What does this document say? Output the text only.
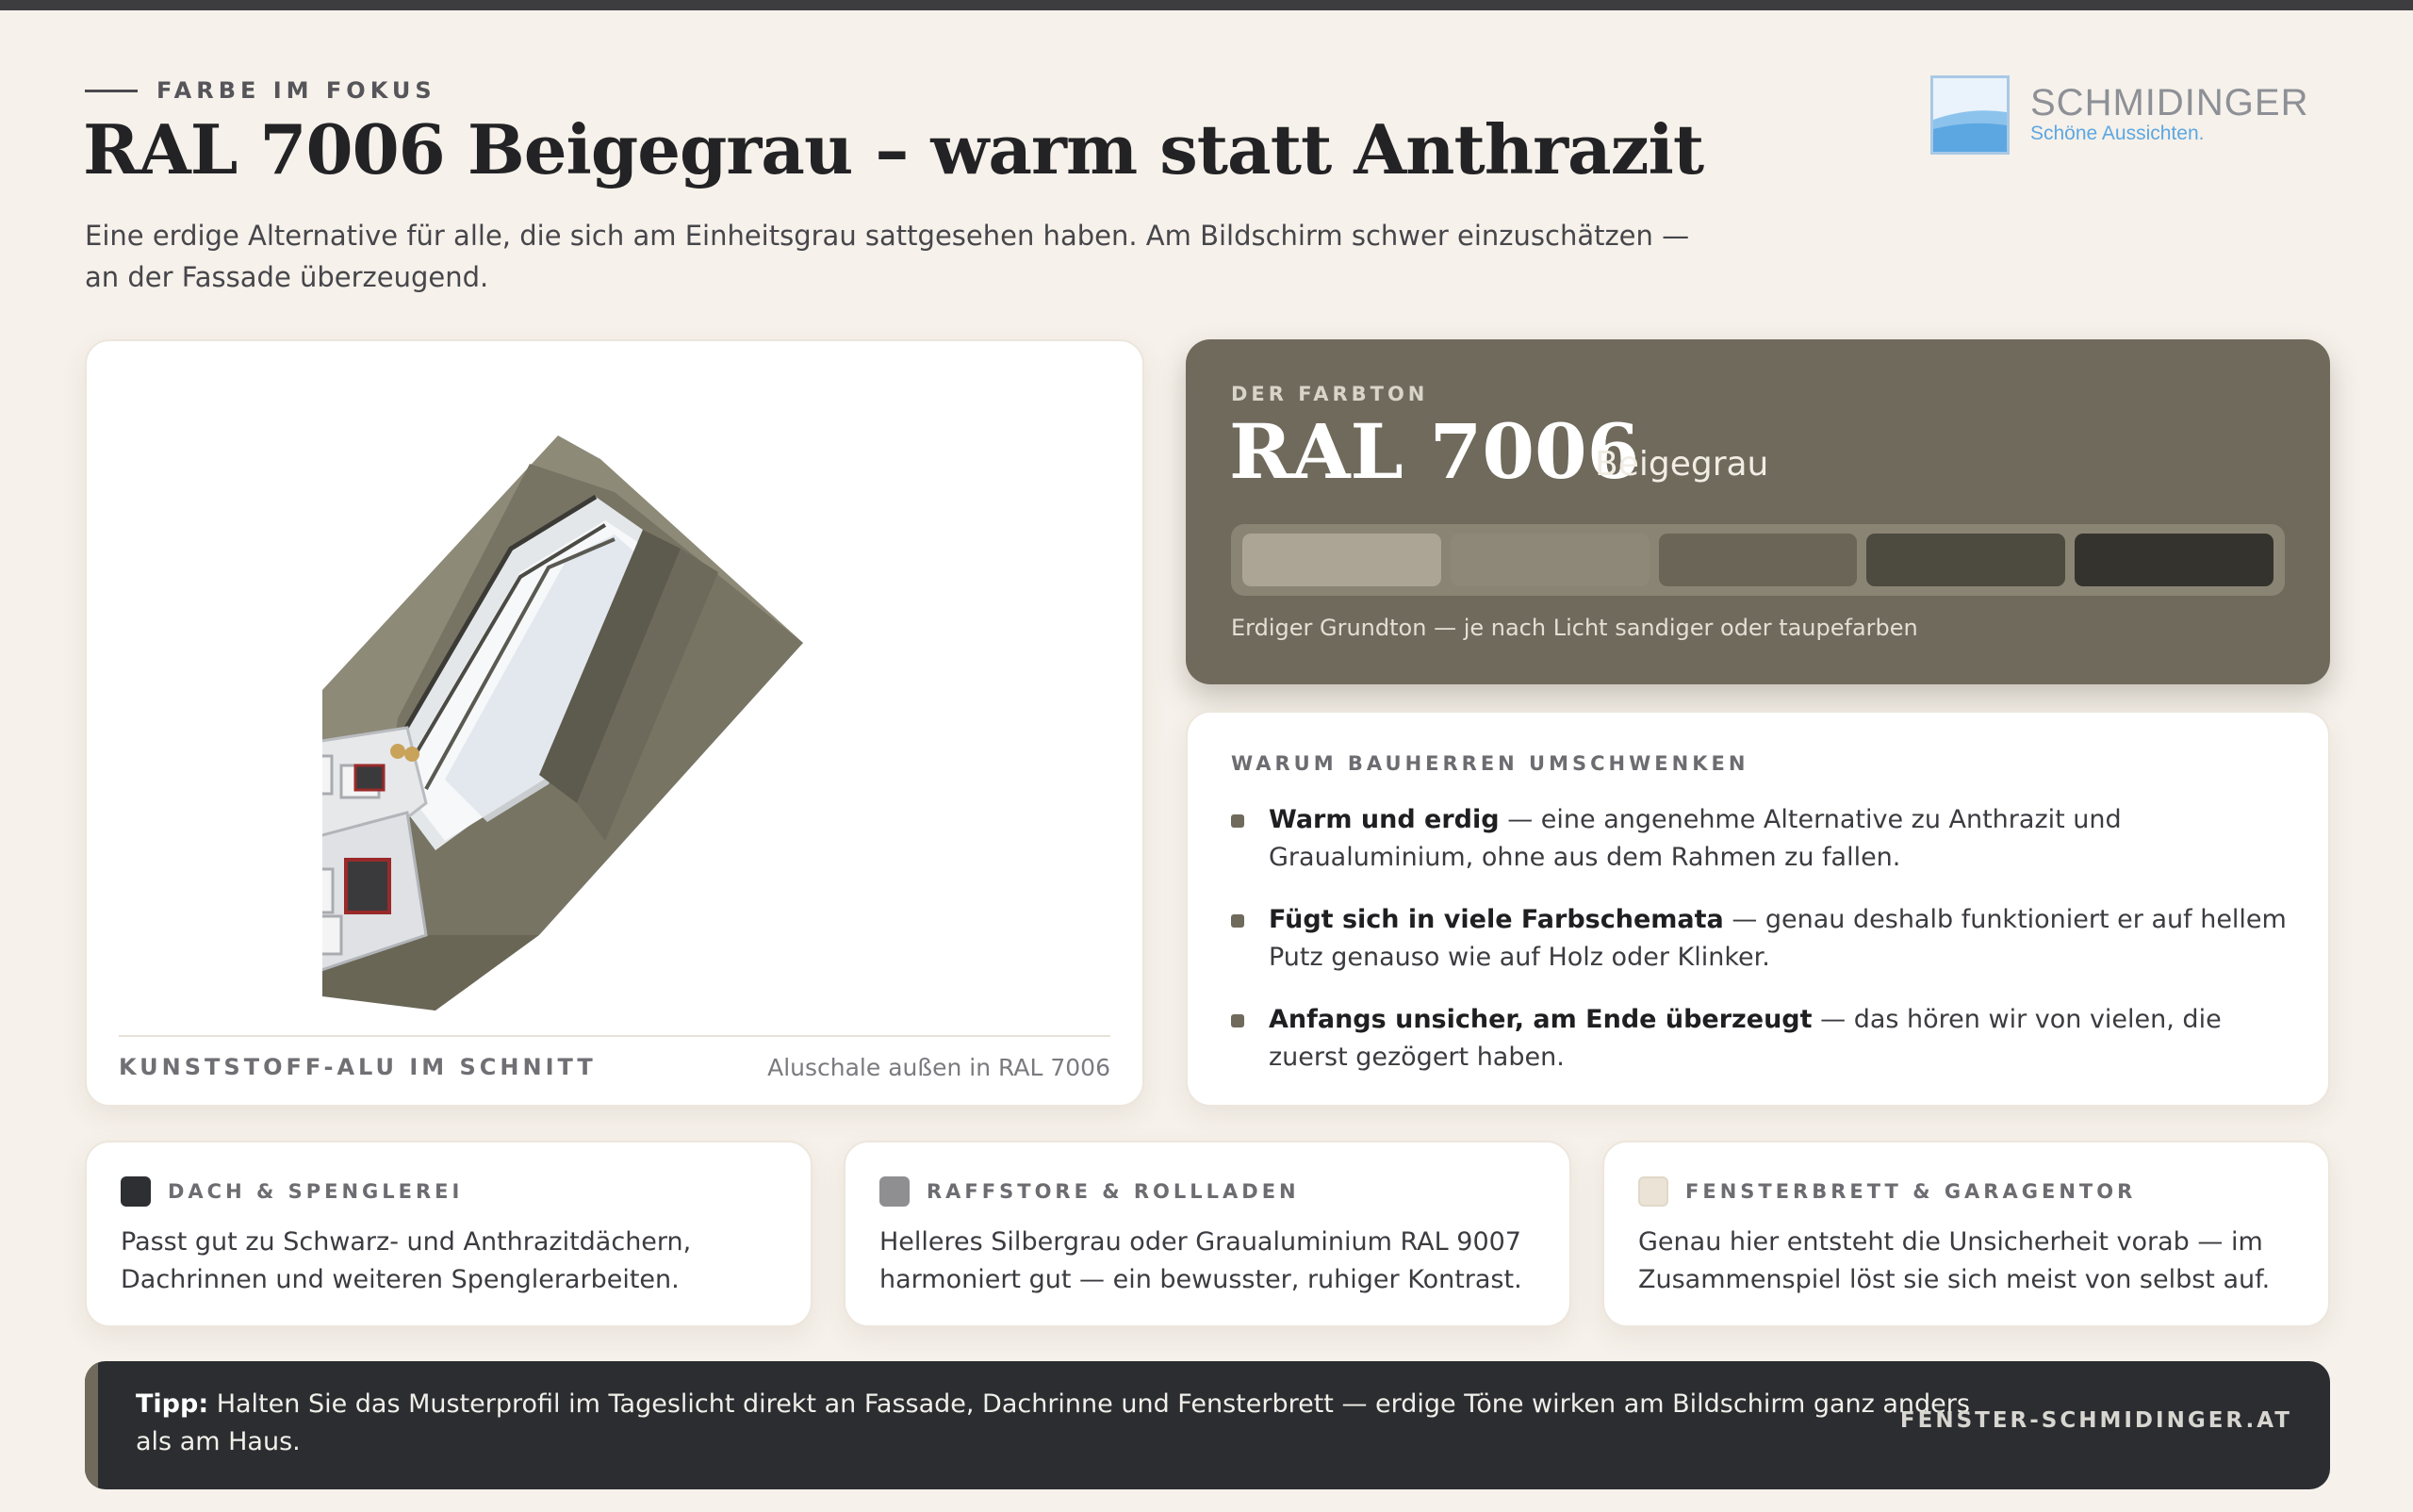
FARBE IM FOKUS
RAL 7006 Beigegrau – warm statt Anthrazit

Eine erdige Alternative für alle, die sich am Einheitsgrau sattgesehen haben. Am Bildschirm schwer einzuschätzen — an der Fassade überzeugend.

SCHMIDINGER
Schöne Aussichten.
KUNSTSTOFF-ALU IM SCHNITT	Aluschale außen in RAL 7006
DER FARBTON
RAL 7006
Beigegrau
Erdiger Grundton — je nach Licht sandiger oder taupefarben
WARUM BAUHERREN UMSCHWENKEN
Warm und erdig — eine angenehme Alternative zu Anthrazit und Graualuminium, ohne aus dem Rahmen zu fallen.
Fügt sich in viele Farbschemata — genau deshalb funktioniert er auf hellem Putz genauso wie auf Holz oder Klinker.
Anfangs unsicher, am Ende überzeugt — das hören wir von vielen, die zuerst gezögert haben.
DACH & SPENGLEREI
Passt gut zu Schwarz- und Anthrazitdächern, Dachrinnen und weiteren Spenglerarbeiten.
RAFFSTORE & ROLLLADEN
Helleres Silbergrau oder Graualuminium RAL 9007 harmoniert gut — ein bewusster, ruhiger Kontrast.
FENSTERBRETT & GARAGENTOR
Genau hier entsteht die Unsicherheit vorab — im Zusammenspiel löst sie sich meist von selbst auf.
Tipp: Halten Sie das Musterprofil im Tageslicht direkt an Fassade, Dachrinne und Fensterbrett — erdige Töne wirken am Bildschirm ganz anders als am Haus.
FENSTER-SCHMIDINGER.AT
